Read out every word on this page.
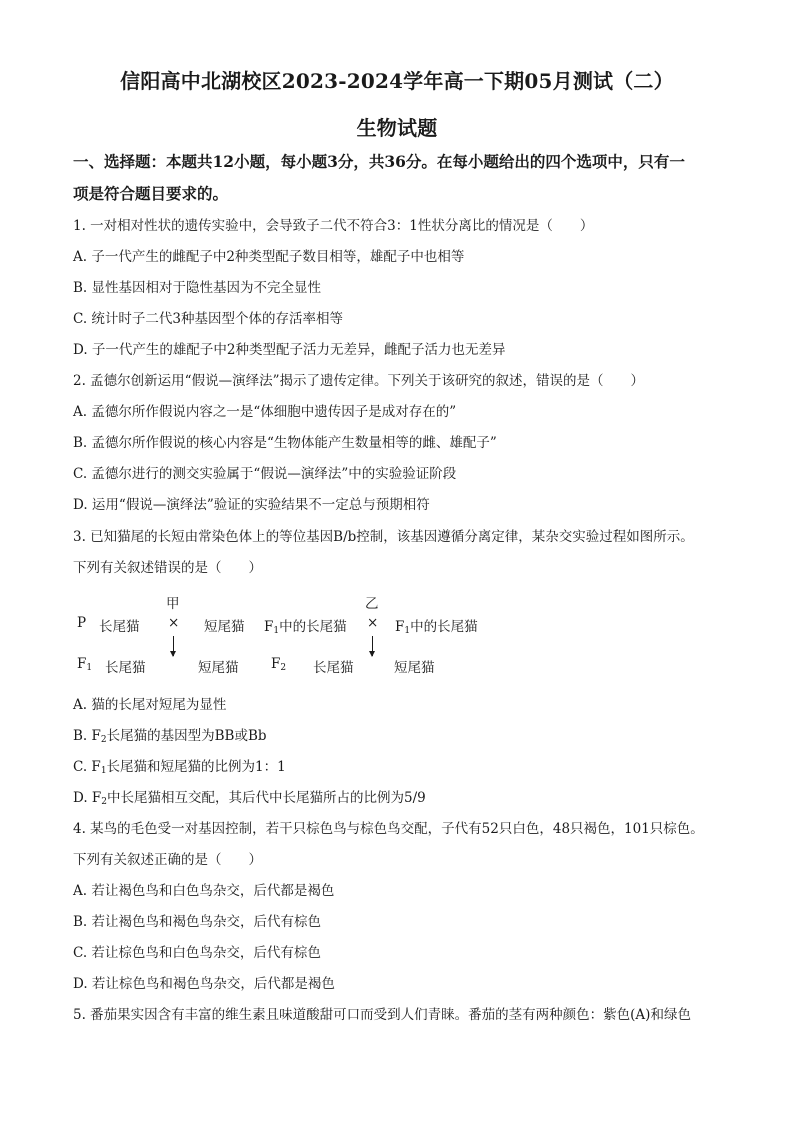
信阳高中北湖校区2023-2024学年高一下期05月测试（二）
生物试题
一、选择题：本题共12小题，每小题3分，共36分。在每小题给出的四个选项中，只有一
项是符合题目要求的。
1. 一对相对性状的遗传实验中，会导致子二代不符合3：1性状分离比的情况是（　　）
A. 子一代产生的雌配子中2种类型配子数目相等，雄配子中也相等
B. 显性基因相对于隐性基因为不完全显性
C. 统计时子二代3种基因型个体的存活率相等
D. 子一代产生的雄配子中2种类型配子活力无差异，雌配子活力也无差异
2. 孟德尔创新运用“假说—演绎法”揭示了遗传定律。下列关于该研究的叙述，错误的是（　　）
A. 孟德尔所作假说内容之一是“体细胞中遗传因子是成对存在的”
B. 孟德尔所作假说的核心内容是“生物体能产生数量相等的雌、雄配子”
C. 孟德尔进行的测交实验属于“假说—演绎法”中的实验验证阶段
D. 运用“假说—演绎法”验证的实验结果不一定总与预期相符
3. 已知猫尾的长短由常染色体上的等位基因B/b控制，该基因遵循分离定律，某杂交实验过程如图所示。
下列有关叙述错误的是（　　）
甲	乙
P 长尾猫 × 短尾猫 $F_1$中的长尾猫 × $F_1$中的长尾猫
$F_1$ 长尾猫	短尾猫 $F_2$ 长尾猫	短尾猫
A. 猫的长尾对短尾为显性
B. $F_2$长尾猫的基因型为BB或Bb
C. $F_1$长尾猫和短尾猫的比例为1：1
D. $F_2$中长尾猫相互交配，其后代中长尾猫所占的比例为5/9
4. 某鸟的毛色受一对基因控制，若干只棕色鸟与棕色鸟交配，子代有52只白色，48只褐色，101只棕色。
下列有关叙述正确的是（　　）
A. 若让褐色鸟和白色鸟杂交，后代都是褐色
B. 若让褐色鸟和褐色鸟杂交，后代有棕色
C. 若让棕色鸟和白色鸟杂交，后代有棕色
D. 若让棕色鸟和褐色鸟杂交，后代都是褐色
5. 番茄果实因含有丰富的维生素且味道酸甜可口而受到人们青睐。番茄的茎有两种颜色：紫色(A)和绿色
